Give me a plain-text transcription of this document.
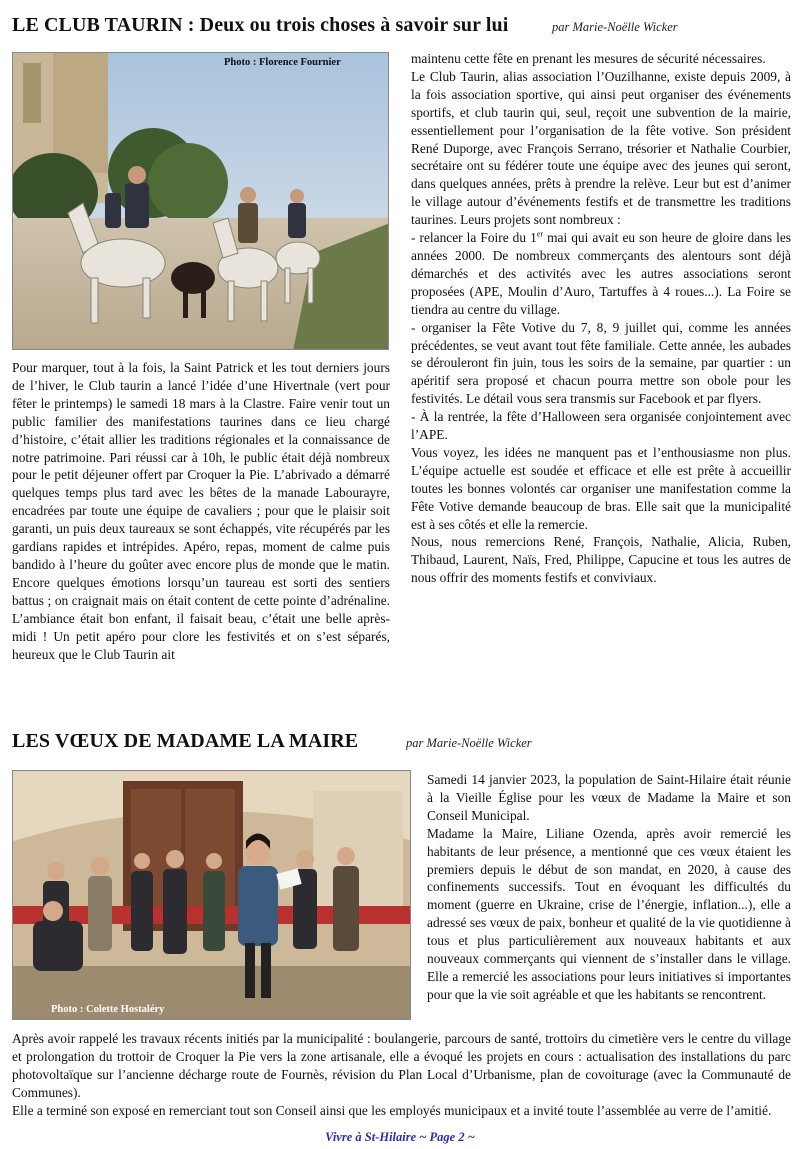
LE CLUB TAURIN : Deux ou trois choses à savoir sur lui	par Marie-Noëlle Wicker
Photo : Florence Fournier

Pour marquer, tout à la fois, la Saint Patrick et les tout derniers jours de l’hiver, le Club taurin a lancé l’idée d’une Hivertnale (vert pour fêter le printemps) le samedi 18 mars à la Clastre. Faire venir tout un public familier des manifestations taurines dans ce lieu chargé d’histoire, c’était allier les traditions régionales et la connaissance de notre patrimoine. Pari réussi car à 10h, le public était déjà nombreux pour le petit déjeuner offert par Croquer la Pie. L’abrivado a démarré quelques temps plus tard avec les bêtes de la manade Labourayre, encadrées par toute une équipe de cavaliers ; pour que le plaisir soit garanti, un puis deux taureaux se sont échappés, vite récupérés par les gardians rapides et intrépides. Apéro, repas, moment de calme puis bandido à l’heure du goûter avec encore plus de monde que le matin. Encore quelques émotions lorsqu’un taureau est sorti des sentiers battus ; on craignait mais on était content de cette pointe d’adrénaline. L’ambiance était bon enfant, il faisait beau, c’était une belle après-midi ! Un petit apéro pour clore les festivités et on s’est séparés, heureux que le Club Taurin ait

maintenu cette fête en prenant les mesures de sécurité nécessaires.

Le Club Taurin, alias association l’Ouzilhanne, existe depuis 2009, à la fois association sportive, qui ainsi peut organiser des événements sportifs, et club taurin qui, seul, reçoit une subvention de la mairie, essentiellement pour l’organisation de la fête votive. Son président René Duporge, avec François Serrano, trésorier et Nathalie Courbier, secrétaire ont su fédérer toute une équipe avec des jeunes qui seront, dans quelques années, prêts à prendre la relève. Leur but est d’animer le village autour d’événements festifs et de transmettre les traditions taurines. Leurs projets sont nombreux :

- relancer la Foire du 1er mai qui avait eu son heure de gloire dans les années 2000. De nombreux commerçants des alentours sont déjà démarchés et des activités avec les autres associations seront proposées (APE, Moulin d’Auro, Tartuffes à 4 roues...). La Foire se tiendra au centre du village.

- organiser la Fête Votive du 7, 8, 9 juillet qui, comme les années précédentes, se veut avant tout fête familiale. Cette année, les aubades se dérouleront fin juin, tous les soirs de la semaine, par quartier : un apéritif sera proposé et chacun pourra mettre son obole pour les festivités. Le détail vous sera transmis sur Facebook et par flyers.

- À la rentrée, la fête d’Halloween sera organisée conjointement avec l’APE.

Vous voyez, les idées ne manquent pas et l’enthousiasme non plus. L’équipe actuelle est soudée et efficace et elle est prête à accueillir toutes les bonnes volontés car organiser une manifestation comme la Fête Votive demande beaucoup de bras. Elle sait que la municipalité est à ses côtés et elle la remercie.

Nous, nous remercions René, François, Nathalie, Alicia, Ruben, Thibaud, Laurent, Naïs, Fred, Philippe, Capucine et tous les autres de nous offrir des moments festifs et conviviaux.

LES VŒUX DE MADAME LA MAIRE	par Marie-Noëlle Wicker
Photo : Colette Hostaléry

Samedi 14 janvier 2023, la population de Saint-Hilaire était réunie à la Vieille Église pour les vœux de Madame la Maire et son Conseil Municipal.

Madame la Maire, Liliane Ozenda, après avoir remercié les habitants de leur présence, a mentionné que ces vœux étaient les premiers depuis le début de son mandat, en 2020, à cause des confinements successifs. Tout en évoquant les difficultés du moment (guerre en Ukraine, crise de l’énergie, inflation...), elle a adressé ses vœux de paix, bonheur et qualité de la vie quotidienne à tous et plus particulièrement aux nouveaux habitants et aux nouveaux commerçants qui viennent de s’installer dans le village. Elle a remercié les associations pour leurs initiatives si importantes pour que la vie soit agréable et que les habitants se rencontrent.

Après avoir rappelé les travaux récents initiés par la municipalité : boulangerie, parcours de santé, trottoirs du cimetière vers le centre du village et prolongation du trottoir de Croquer la Pie vers la zone artisanale, elle a évoqué les projets en cours : actualisation des installations du parc photovoltaïque sur l’ancienne décharge route de Fournès, révision du Plan Local d’Urbanisme, plan de covoiturage (avec la Communauté de Communes).

Elle a terminé son exposé en remerciant tout son Conseil ainsi que les employés municipaux et a invité toute l’assemblée au verre de l’amitié.

Vivre à St-Hilaire ~ Page 2 ~
